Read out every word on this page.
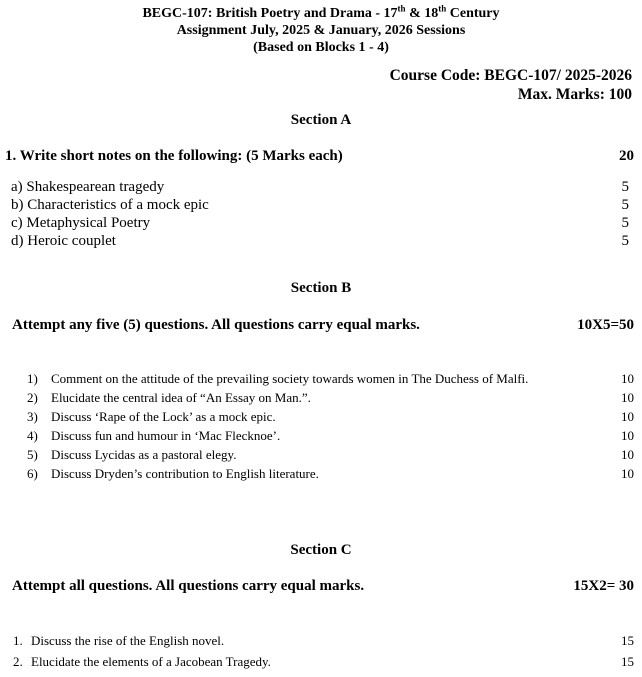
BEGC-107: British Poetry and Drama - 17th & 18th Century
Assignment July, 2025 & January, 2026 Sessions
(Based on Blocks 1 - 4)
Course Code: BEGC-107/ 2025-2026
Max. Marks: 100
Section A
1. Write short notes on the following: (5 Marks each)	20
a) Shakespearean tragedy	5
b) Characteristics of a mock epic	5
c) Metaphysical Poetry	5
d) Heroic couplet	5
Section B
Attempt any five (5) questions. All questions carry equal marks.	10X5=50
1) Comment on the attitude of the prevailing society towards women in The Duchess of Malfi.	10
2) Elucidate the central idea of “An Essay on Man.”.	10
3) Discuss ‘Rape of the Lock’ as a mock epic.	10
4) Discuss fun and humour in ‘Mac Flecknoe’.	10
5) Discuss Lycidas as a pastoral elegy.	10
6) Discuss Dryden’s contribution to English literature.	10
Section C
Attempt all questions. All questions carry equal marks.	15X2= 30
1. Discuss the rise of the English novel.	15
2. Elucidate the elements of a Jacobean Tragedy.	15
